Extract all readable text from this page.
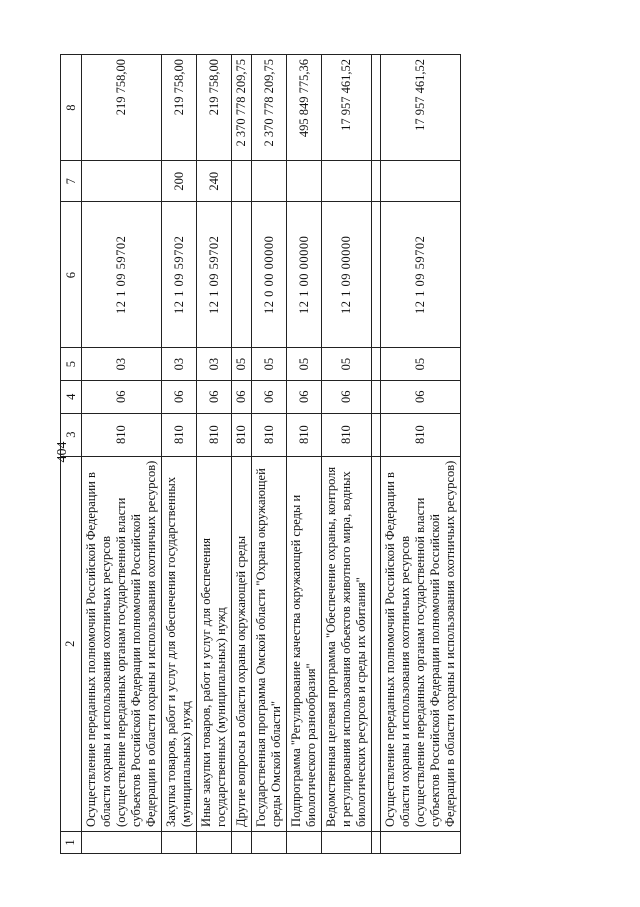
404
1	2	3	4	5	6	7	8
	Осуществление переданных полномочий Российской Федерации в области охраны и использования охотничьих ресурсов (осуществление переданных органам государственной власти субъектов Российской Федерации полномочий Российской Федерации в области охраны и использования охотничьих ресурсов)	810	06	03	12 1 09 59702		219 758,00
	Закупка товаров, работ и услуг для обеспечения государственных (муниципальных) нужд	810	06	03	12 1 09 59702	200	219 758,00
	Иные закупки товаров, работ и услуг для обеспечения государственных (муниципальных) нужд	810	06	03	12 1 09 59702	240	219 758,00
	Другие вопросы в области охраны окружающей среды	810	06	05			2 370 778 209,75
	Государственная программа Омской области "Охрана окружающей среды Омской области"	810	06	05	12 0 00 00000		2 370 778 209,75
	Подпрограмма "Регулирование качества окружающей среды и биологического разнообразия"	810	06	05	12 1 00 00000		495 849 775,36
	Ведомственная целевая программа "Обеспечение охраны, контроля и регулирования использования объектов животного мира, водных биологических ресурсов и среды их обитания"	810	06	05	12 1 09 00000		17 957 461,52

	Осуществление переданных полномочий Российской Федерации в области охраны и использования охотничьих ресурсов (осуществление переданных органам государственной власти субъектов Российской Федерации полномочий Российской Федерации в области охраны и использования охотничьих ресурсов)	810	06	05	12 1 09 59702		17 957 461,52
